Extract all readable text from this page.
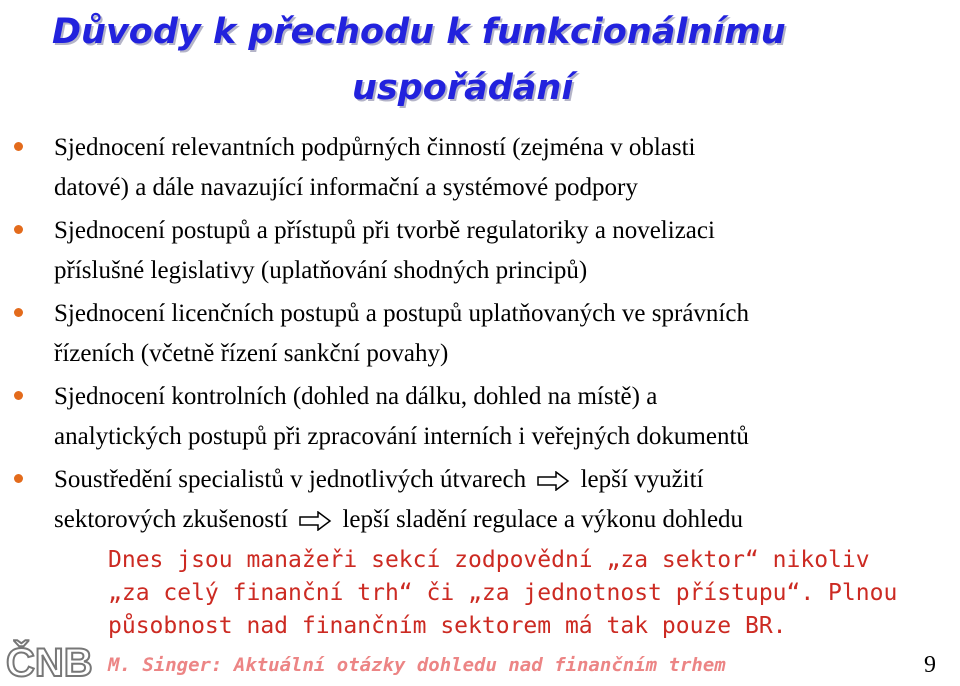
Důvody k přechodu k funkcionálnímu
uspořádání
Sjednocení relevantních podpůrných činností (zejména v oblasti
datové) a dále navazující informační a systémové podpory
Sjednocení postupů a přístupů při tvorbě regulatoriky a novelizaci
příslušné legislativy (uplatňování shodných principů)
Sjednocení licenčních postupů a postupů uplatňovaných ve správních
řízeních (včetně řízení sankční povahy)
Sjednocení kontrolních (dohled na dálku, dohled na místě) a
analytických postupů při zpracování interních i veřejných dokumentů
Soustředění specialistů v jednotlivých útvarech lepší využití
sektorových zkušeností lepší sladění regulace a výkonu dohledu
Dnes jsou manažeři sekcí zodpovědní „za sektor“ nikoliv
„za celý finanční trh“ či „za jednotnost přístupu“. Plnou
působnost nad finančním sektorem má tak pouze BR.
ČNB M. Singer: Aktuální otázky dohledu nad finančním trhem	9
